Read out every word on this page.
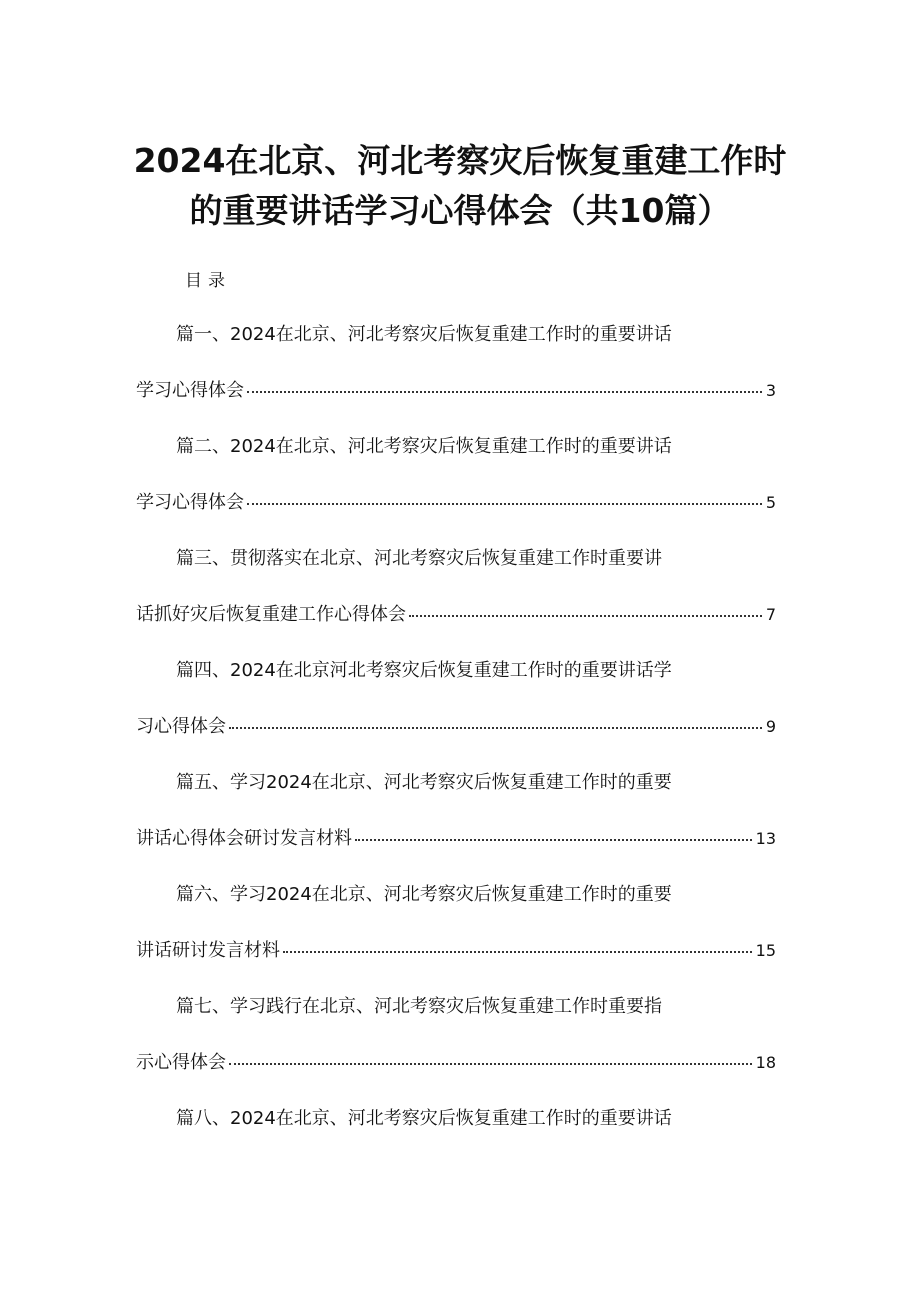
2024在北京、河北考察灾后恢复重建工作时
的重要讲话学习心得体会（共10篇）

目录

篇一、2024在北京、河北考察灾后恢复重建工作时的重要讲话
学习心得体会	3
篇二、2024在北京、河北考察灾后恢复重建工作时的重要讲话
学习心得体会	5
篇三、贯彻落实在北京、河北考察灾后恢复重建工作时重要讲
话抓好灾后恢复重建工作心得体会	7
篇四、2024在北京河北考察灾后恢复重建工作时的重要讲话学
习心得体会	9
篇五、学习2024在北京、河北考察灾后恢复重建工作时的重要
讲话心得体会研讨发言材料	13
篇六、学习2024在北京、河北考察灾后恢复重建工作时的重要
讲话研讨发言材料	15
篇七、学习践行在北京、河北考察灾后恢复重建工作时重要指
示心得体会	18
篇八、2024在北京、河北考察灾后恢复重建工作时的重要讲话
